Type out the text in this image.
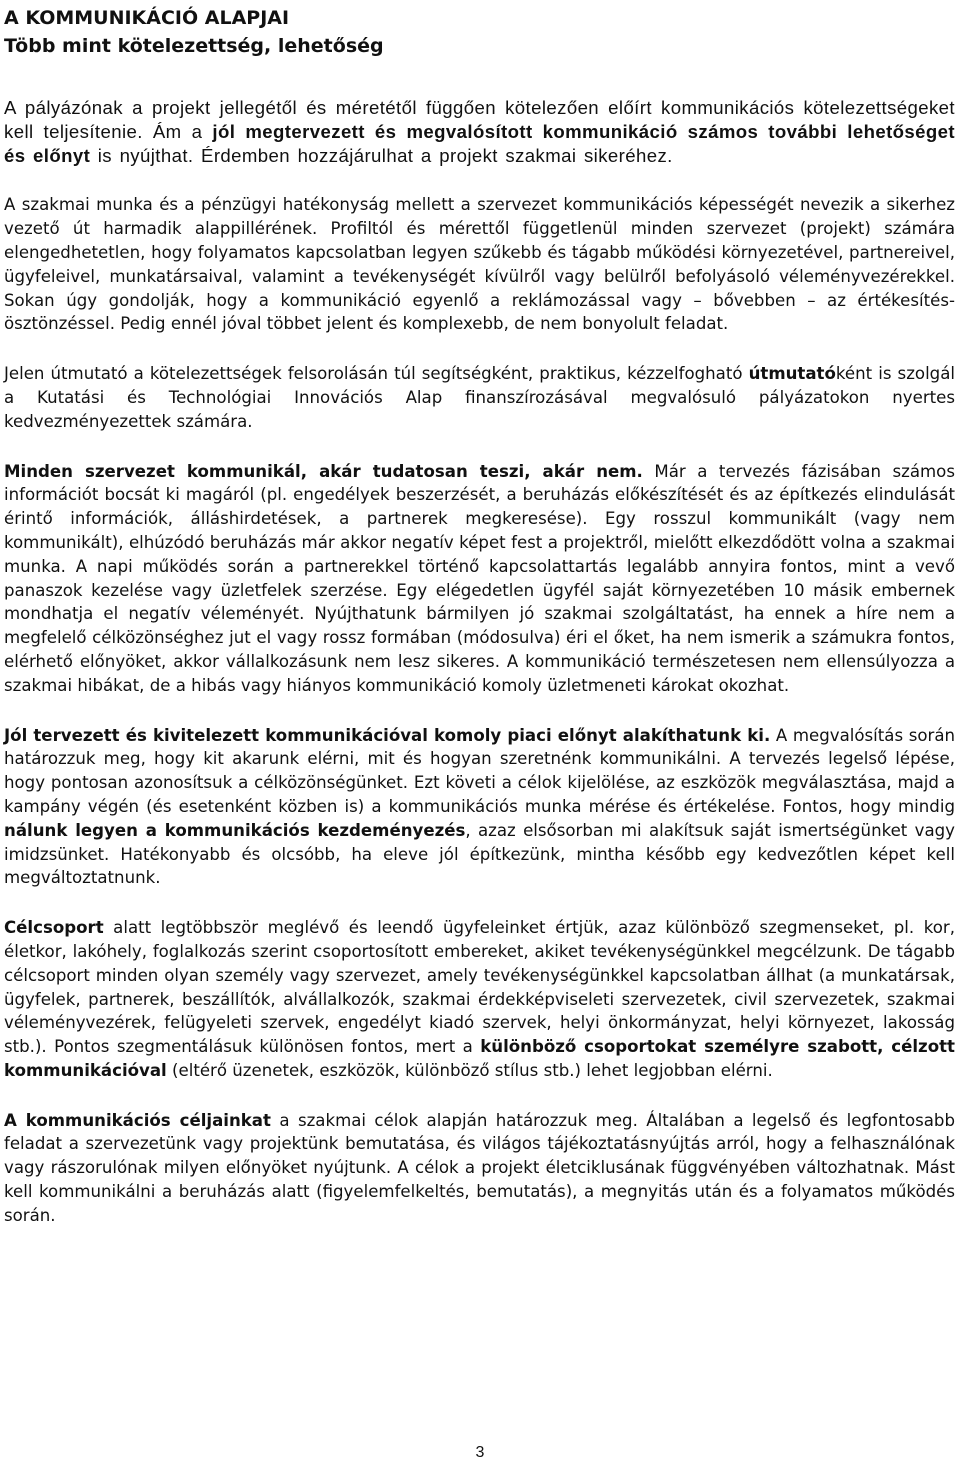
A KOMMUNIKÁCIÓ ALAPJAI
Több mint kötelezettség, lehetőség

A pályázónak a projekt jellegétől és méretétől függően kötelezően előírt kommunikációs kötelezettségeket kell teljesítenie. Ám a jól megtervezett és megvalósított kommunikáció számos további lehetőséget és előnyt is nyújthat. Érdemben hozzájárulhat a projekt szakmai sikeréhez.

A szakmai munka és a pénzügyi hatékonyság mellett a szervezet kommunikációs képességét nevezik a sikerhez vezető út harmadik alappillérének. Profiltól és mérettől függetlenül minden szervezet (projekt) számára elengedhetetlen, hogy folyamatos kapcsolatban legyen szűkebb és tágabb működési környezetével, partnereivel, ügyfeleivel, munkatársaival, valamint a tevékenységét kívülről vagy belülről befolyásoló véleményvezérekkel. Sokan úgy gondolják, hogy a kommunikáció egyenlő a reklámozással vagy – bővebben – az értékesítés-ösztönzéssel. Pedig ennél jóval többet jelent és komplexebb, de nem bonyolult feladat.

Jelen útmutató a kötelezettségek felsorolásán túl segítségként, praktikus, kézzelfogható útmutatóként is szolgál a Kutatási és Technológiai Innovációs Alap finanszírozásával megvalósuló pályázatokon nyertes kedvezményezettek számára.

Minden szervezet kommunikál, akár tudatosan teszi, akár nem. Már a tervezés fázisában számos információt bocsát ki magáról (pl. engedélyek beszerzését, a beruházás előkészítését és az építkezés elindulását érintő információk, álláshirdetések, a partnerek megkeresése). Egy rosszul kommunikált (vagy nem kommunikált), elhúzódó beruházás már akkor negatív képet fest a projektről, mielőtt elkezdődött volna a szakmai munka. A napi működés során a partnerekkel történő kapcsolattartás legalább annyira fontos, mint a vevő panaszok kezelése vagy üzletfelek szerzése. Egy elégedetlen ügyfél saját környezetében 10 másik embernek mondhatja el negatív véleményét. Nyújthatunk bármilyen jó szakmai szolgáltatást, ha ennek a híre nem a megfelelő célközönséghez jut el vagy rossz formában (módosulva) éri el őket, ha nem ismerik a számukra fontos, elérhető előnyöket, akkor vállalkozásunk nem lesz sikeres. A kommunikáció természetesen nem ellensúlyozza a szakmai hibákat, de a hibás vagy hiányos kommunikáció komoly üzletmeneti károkat okozhat.

Jól tervezett és kivitelezett kommunikációval komoly piaci előnyt alakíthatunk ki. A megvalósítás során határozzuk meg, hogy kit akarunk elérni, mit és hogyan szeretnénk kommunikálni. A tervezés legelső lépése, hogy pontosan azonosítsuk a célközönségünket. Ezt követi a célok kijelölése, az eszközök megválasztása, majd a kampány végén (és esetenként közben is) a kommunikációs munka mérése és értékelése. Fontos, hogy mindig nálunk legyen a kommunikációs kezdeményezés, azaz elsősorban mi alakítsuk saját ismertségünket vagy imidzsünket. Hatékonyabb és olcsóbb, ha eleve jól építkezünk, mintha később egy kedvezőtlen képet kell megváltoztatnunk.

Célcsoport alatt legtöbbször meglévő és leendő ügyfeleinket értjük, azaz különböző szegmenseket, pl. kor, életkor, lakóhely, foglalkozás szerint csoportosított embereket, akiket tevékenységünkkel megcélzunk. De tágabb célcsoport minden olyan személy vagy szervezet, amely tevékenységünkkel kapcsolatban állhat (a munkatársak, ügyfelek, partnerek, beszállítók, alvállalkozók, szakmai érdekképviseleti szervezetek, civil szervezetek, szakmai véleményvezérek, felügyeleti szervek, engedélyt kiadó szervek, helyi önkormányzat, helyi környezet, lakosság stb.). Pontos szegmentálásuk különösen fontos, mert a különböző csoportokat személyre szabott, célzott kommunikációval (eltérő üzenetek, eszközök, különböző stílus stb.) lehet legjobban elérni.

A kommunikációs céljainkat a szakmai célok alapján határozzuk meg. Általában a legelső és legfontosabb feladat a szervezetünk vagy projektünk bemutatása, és világos tájékoztatásnyújtás arról, hogy a felhasználónak vagy rászorulónak milyen előnyöket nyújtunk. A célok a projekt életciklusának függvényében változhatnak. Mást kell kommunikálni a beruházás alatt (figyelemfelkeltés, bemutatás), a megnyitás után és a folyamatos működés során.

3
